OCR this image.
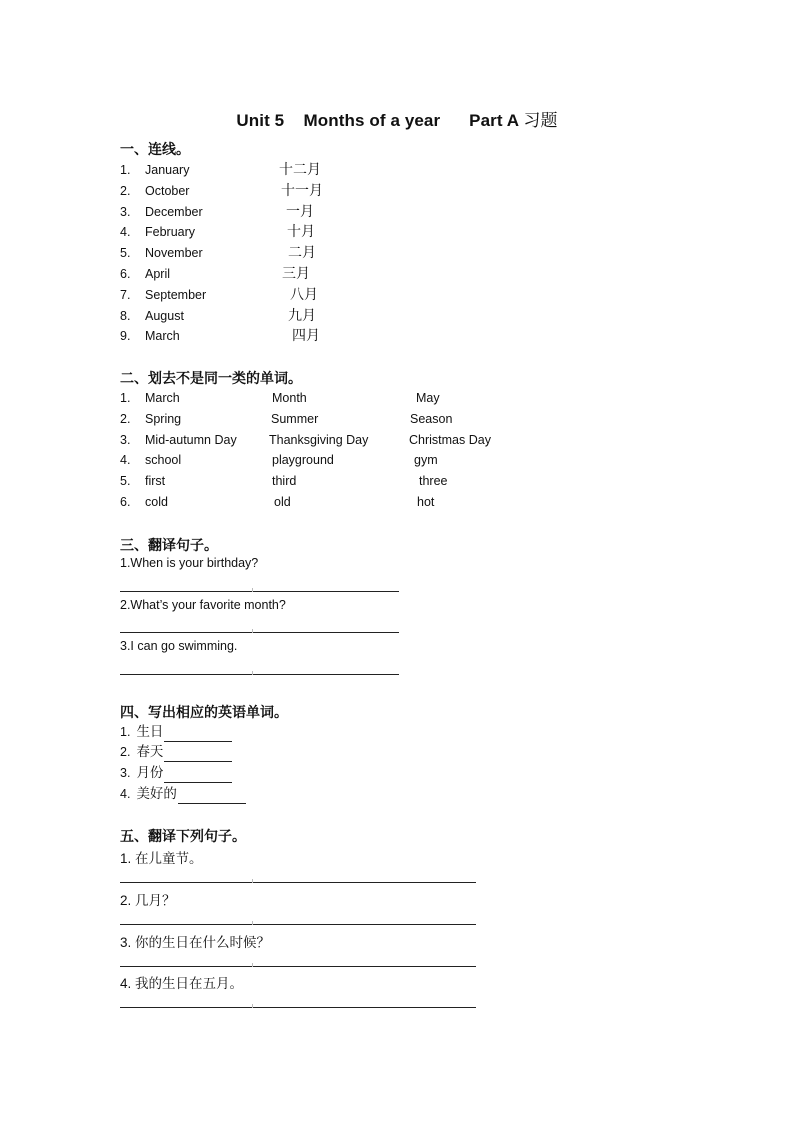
Unit 5    Months of a year      Part A 习题
一、连线。
1. January	十二月
2. October	十一月
3. December	一月
4. February	十月
5. November	二月
6. April	三月
7. September	八月
8. August	九月
9. March	四月
二、划去不是同一类的单词。
1. March	Month	May
2. Spring	Summer	Season
3. Mid-autumn Day	Thanksgiving Day	Christmas Day
4. school	playground	gym
5. first	third	three
6. cold	old	hot
三、翻译句子。
1.When is your birthday?
2.What’s your favorite month?
3.I can go swimming.
四、写出相应的英语单词。
1. 生日
2. 春天
3. 月份
4. 美好的
五、翻译下列句子。
1. 在儿童节。
2. 几月？
3. 你的生日在什么时候？
4. 我的生日在五月。
